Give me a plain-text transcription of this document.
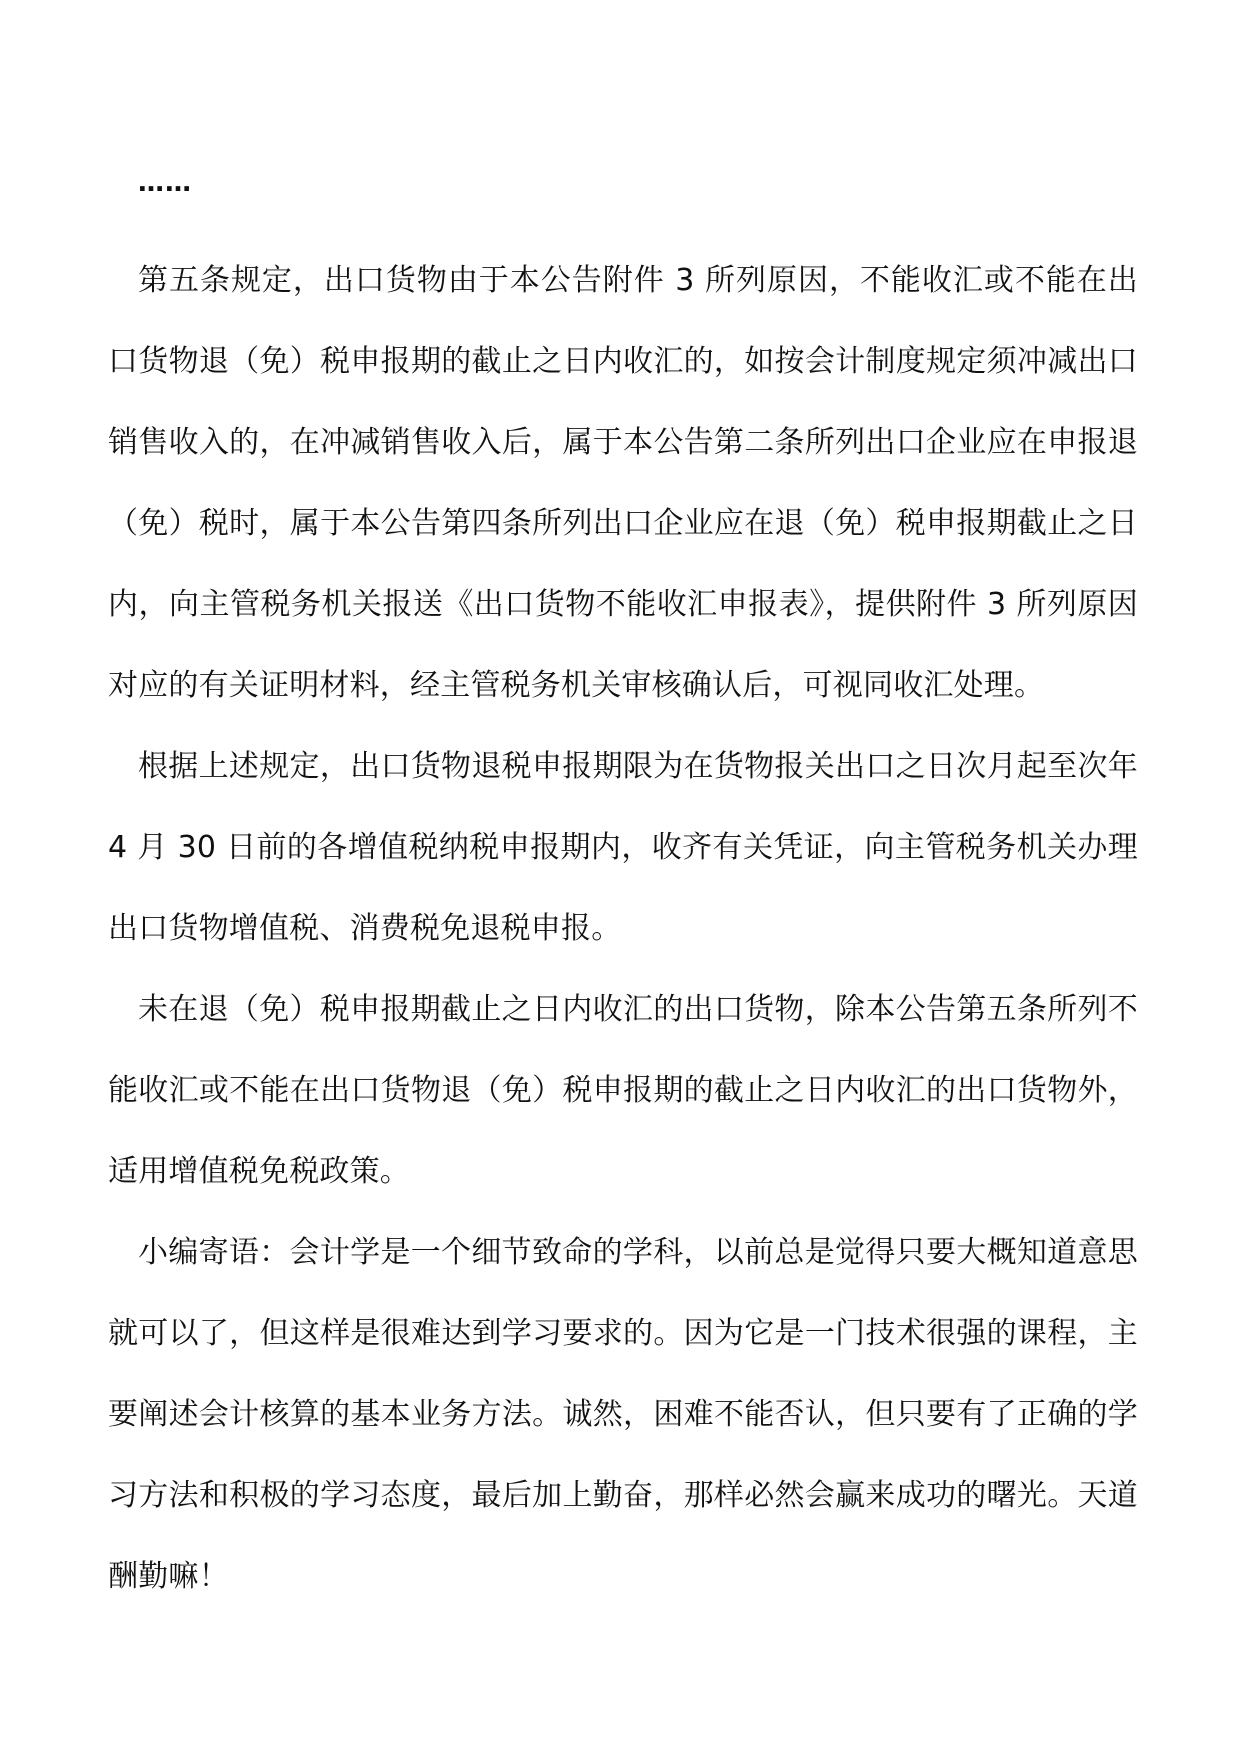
……

第五条规定，出口货物由于本公告附件 3 所列原因，不能收汇或不能在出口货物退（免）税申报期的截止之日内收汇的，如按会计制度规定须冲减出口销售收入的，在冲减销售收入后，属于本公告第二条所列出口企业应在申报退（免）税时，属于本公告第四条所列出口企业应在退（免）税申报期截止之日内，向主管税务机关报送《出口货物不能收汇申报表》，提供附件 3 所列原因对应的有关证明材料，经主管税务机关审核确认后，可视同收汇处理。

根据上述规定，出口货物退税申报期限为在货物报关出口之日次月起至次年 4 月 30 日前的各增值税纳税申报期内，收齐有关凭证，向主管税务机关办理出口货物增值税、消费税免退税申报。

未在退（免）税申报期截止之日内收汇的出口货物，除本公告第五条所列不能收汇或不能在出口货物退（免）税申报期的截止之日内收汇的出口货物外，适用增值税免税政策。

小编寄语：会计学是一个细节致命的学科，以前总是觉得只要大概知道意思就可以了，但这样是很难达到学习要求的。因为它是一门技术很强的课程，主要阐述会计核算的基本业务方法。诚然，困难不能否认，但只要有了正确的学习方法和积极的学习态度，最后加上勤奋，那样必然会赢来成功的曙光。天道酬勤嘛！
